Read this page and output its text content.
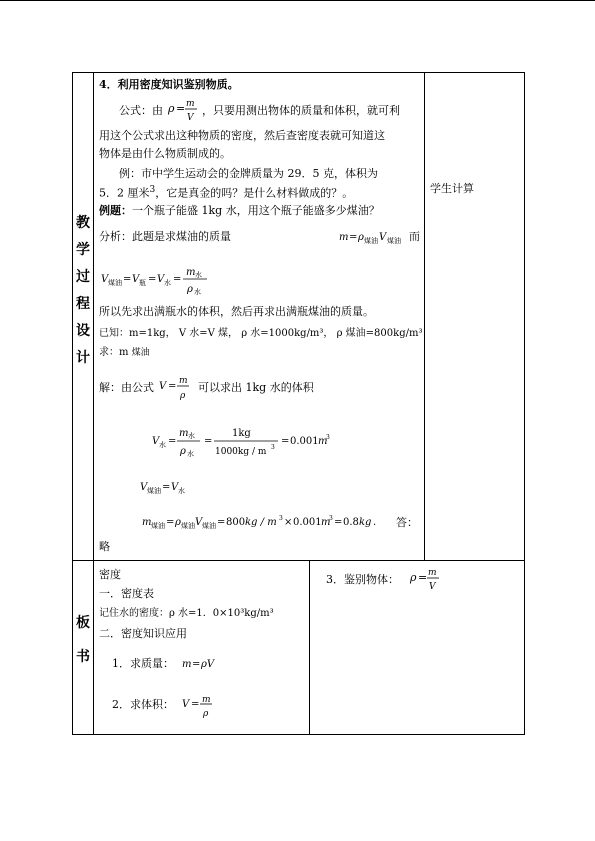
教
学
过
程
设
计
板
书
4．利用密度知识鉴别物质。
公式：由 ρ = m
V
，只要用测出物体的质量和体积，就可利
用这个公式求出这种物质的密度，然后查密度表就可知道这
物体是由什么物质制成的。
例：市中学生运动会的金牌质量为 29．5 克，体积为
5．2 厘米$^3$，它是真金的吗？是什么材料做成的？。	学生计算
例题：一个瓶子能盛 1kg 水，用这个瓶子能盛多少煤油？
分析：此题是求煤油的质量	m = ρ 煤油 V 煤油 而
V 煤油 = V 瓶 = V 水 =
m 水
ρ 水
所以先求出满瓶水的体积，然后再求出满瓶煤油的质量。
已知：m=1kg， V 水=V 煤， ρ 水=1000kg/m³， ρ 煤油=800kg/m³
求：m 煤油
解：由公式 V = m
ρ
可以求出 1kg 水的体积
V 水 =
m 水
ρ 水
=
1kg
1000kg / m 3
= 0.001 m
3
V 煤油 = V 水
m 煤油 = ρ 煤油 V 煤油 = 800 kg / m 3 × 0.001 m
3 = 0.8 kg . 答：
略
密度
一．密度表
记住水的密度：ρ 水=1．0×10³kg/m³
二．密度知识应用
1．求质量： m = ρV
2．求体积： V = m
ρ
3．鉴别物体： ρ = m
V
